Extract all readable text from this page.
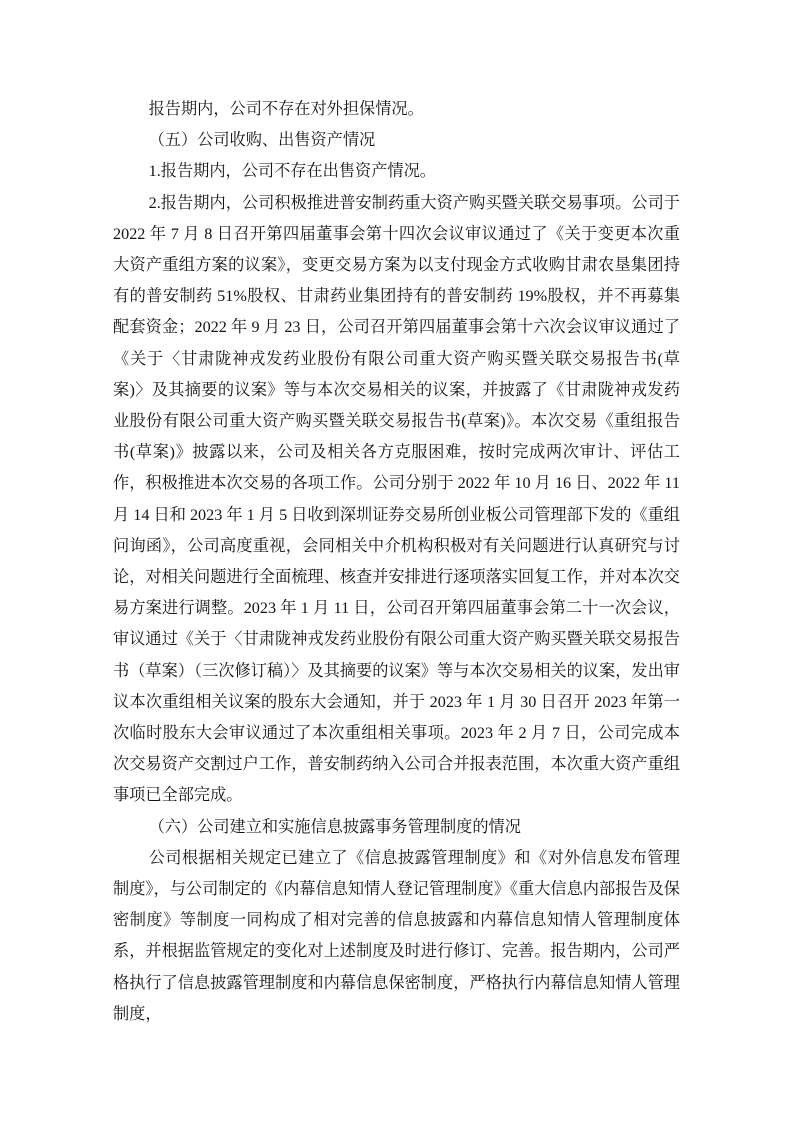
报告期内，公司不存在对外担保情况。

（五）公司收购、出售资产情况

1.报告期内，公司不存在出售资产情况。

2.报告期内，公司积极推进普安制药重大资产购买暨关联交易事项。公司于 2022 年 7 月 8 日召开第四届董事会第十四次会议审议通过了《关于变更本次重大资产重组方案的议案》，变更交易方案为以支付现金方式收购甘肃农垦集团持有的普安制药 51%股权、甘肃药业集团持有的普安制药 19%股权，并不再募集配套资金；2022 年 9 月 23 日，公司召开第四届董事会第十六次会议审议通过了《关于〈甘肃陇神戎发药业股份有限公司重大资产购买暨关联交易报告书(草案)〉及其摘要的议案》等与本次交易相关的议案，并披露了《甘肃陇神戎发药业股份有限公司重大资产购买暨关联交易报告书(草案)》。本次交易《重组报告书(草案)》披露以来，公司及相关各方克服困难，按时完成两次审计、评估工作，积极推进本次交易的各项工作。公司分别于 2022 年 10 月 16 日、2022 年 11 月 14 日和 2023 年 1 月 5 日收到深圳证券交易所创业板公司管理部下发的《重组问询函》，公司高度重视，会同相关中介机构积极对有关问题进行认真研究与讨论，对相关问题进行全面梳理、核查并安排进行逐项落实回复工作，并对本次交易方案进行调整。2023 年 1 月 11 日，公司召开第四届董事会第二十一次会议，审议通过《关于〈甘肃陇神戎发药业股份有限公司重大资产购买暨关联交易报告书（草案）（三次修订稿）〉及其摘要的议案》等与本次交易相关的议案，发出审议本次重组相关议案的股东大会通知，并于 2023 年 1 月 30 日召开 2023 年第一次临时股东大会审议通过了本次重组相关事项。2023 年 2 月 7 日，公司完成本次交易资产交割过户工作，普安制药纳入公司合并报表范围，本次重大资产重组事项已全部完成。

（六）公司建立和实施信息披露事务管理制度的情况

公司根据相关规定已建立了《信息披露管理制度》和《对外信息发布管理制度》，与公司制定的《内幕信息知情人登记管理制度》《重大信息内部报告及保密制度》等制度一同构成了相对完善的信息披露和内幕信息知情人管理制度体系，并根据监管规定的变化对上述制度及时进行修订、完善。报告期内，公司严格执行了信息披露管理制度和内幕信息保密制度，严格执行内幕信息知情人管理制度，
